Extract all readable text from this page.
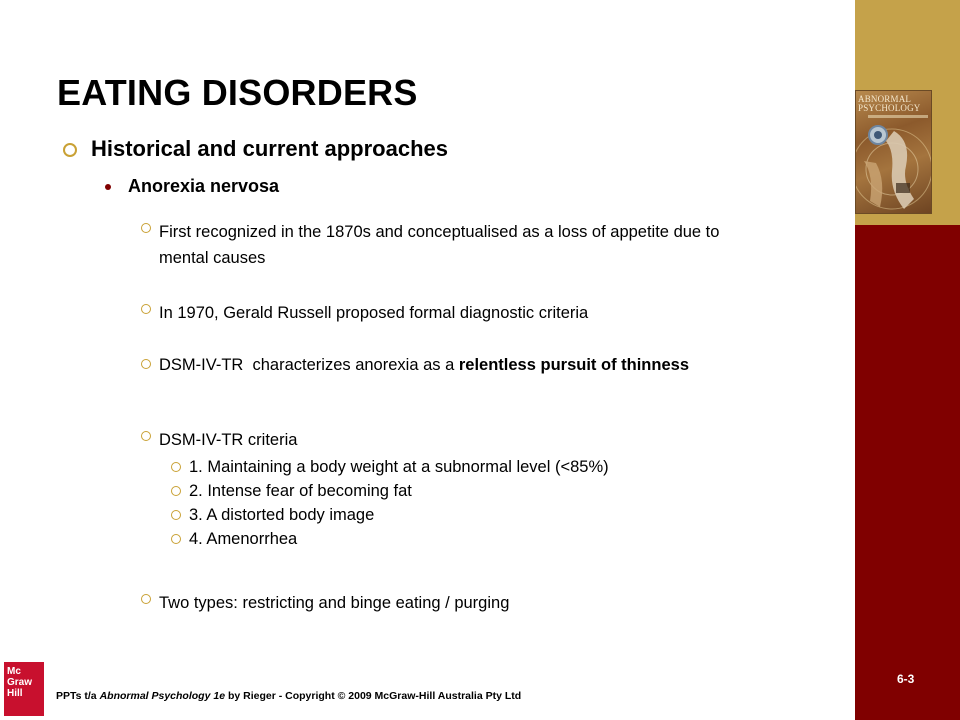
ABNORMAL PSYCHOLOGY
6-3
EATING DISORDERS
Historical and current approaches
Anorexia nervosa
First recognized in the 1870s and conceptualised as a loss of appetite due to mental causes
In 1970, Gerald Russell proposed formal diagnostic criteria
DSM-IV-TR  characterizes anorexia as a relentless pursuit of thinness
DSM-IV-TR criteria
1. Maintaining a body weight at a subnormal level (<85%)
2. Intense fear of becoming fat
3. A distorted body image
4. Amenorrhea
Two types: restricting and binge eating / purging
Mc
Graw
Hill	PPTs t/a Abnormal Psychology 1e by Rieger - Copyright © 2009 McGraw-Hill Australia Pty Ltd
